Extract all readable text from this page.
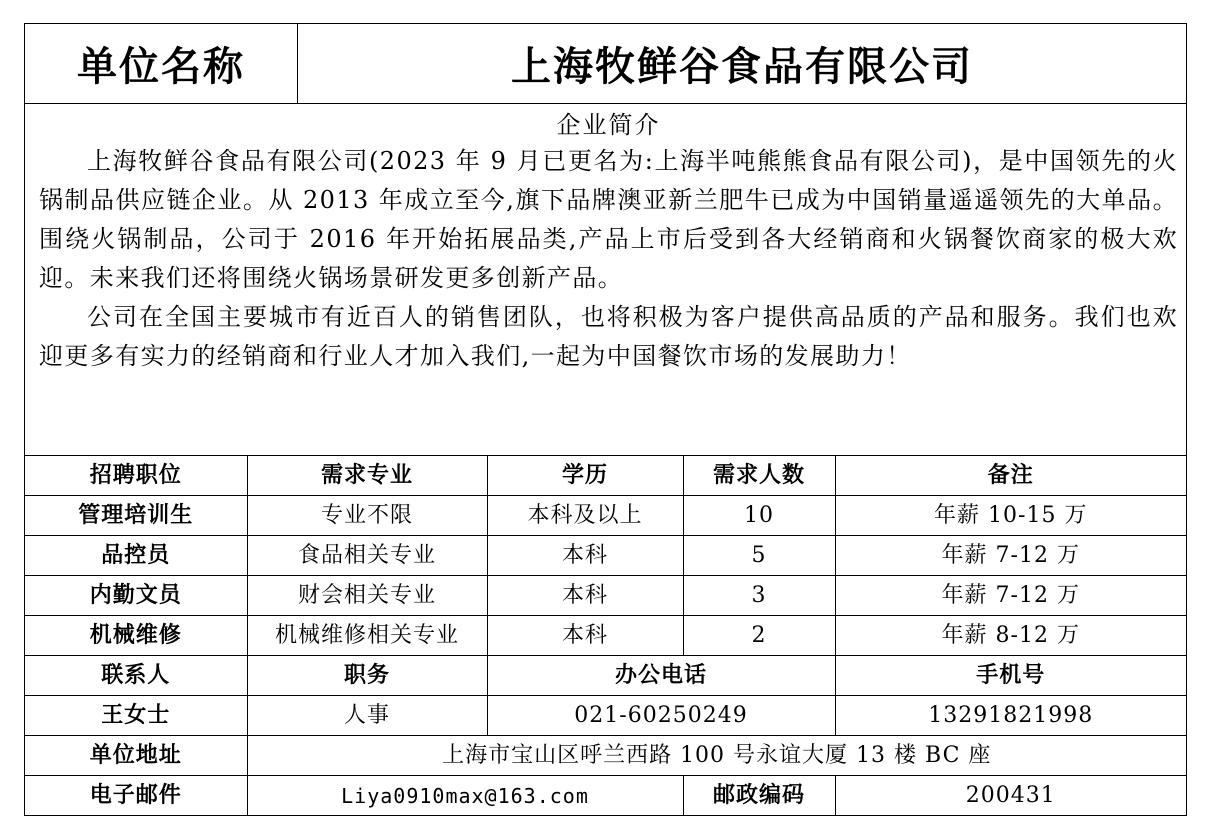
单位名称	上海牧鲜谷食品有限公司
企业简介

上海牧鲜谷食品有限公司(2023 年 9 月已更名为:上海半吨熊熊食品有限公司)，是中国领先的火锅制品供应链企业。从 2013 年成立至今,旗下品牌澳亚新兰肥牛已成为中国销量遥遥领先的大单品。围绕火锅制品，公司于 2016 年开始拓展品类,产品上市后受到各大经销商和火锅餐饮商家的极大欢迎。未来我们还将围绕火锅场景研发更多创新产品。

公司在全国主要城市有近百人的销售团队，也将积极为客户提供高品质的产品和服务。我们也欢迎更多有实力的经销商和行业人才加入我们,一起为中国餐饮市场的发展助力！

招聘职位	需求专业	学历	需求人数	备注
管理培训生	专业不限	本科及以上	10	年薪 10-15 万
品控员	食品相关专业	本科	5	年薪 7-12 万
内勤文员	财会相关专业	本科	3	年薪 7-12 万
机械维修	机械维修相关专业	本科	2	年薪 8-12 万
联系人	职务	办公电话		手机号
王女士	人事	021-60250249		13291821998
单位地址	上海市宝山区呼兰西路 100 号永谊大厦 13 楼 BC 座			
电子邮件	Liya0910max@163.com		邮政编码	200431
